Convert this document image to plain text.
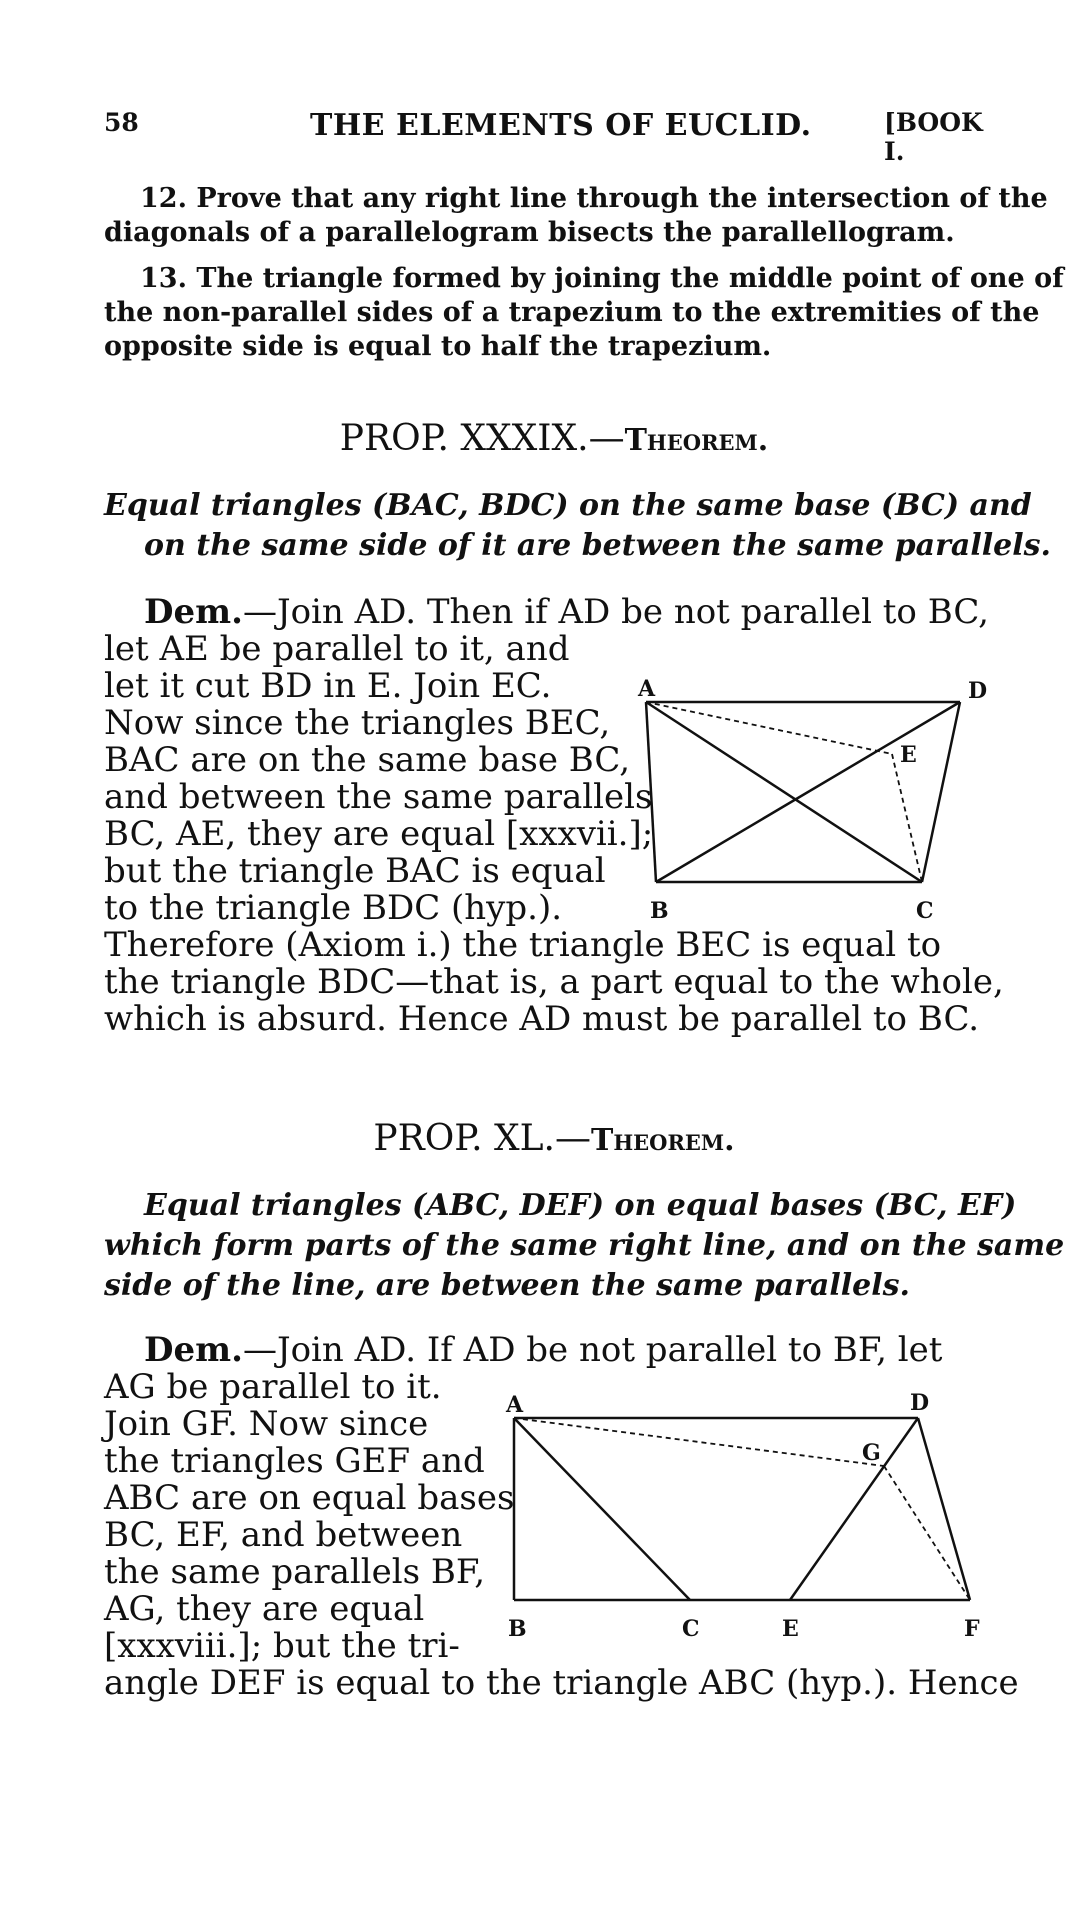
58	THE ELEMENTS OF EUCLID.	[BOOK I.
12. Prove that any right line through the intersection of the
diagonals of a parallelogram bisects the parallellogram.
13. The triangle formed by joining the middle point of one of
the non-parallel sides of a trapezium to the extremities of the
opposite side is equal to half the trapezium.
PROP. XXXIX.—Theorem.
Equal triangles (BAC, BDC) on the same base (BC) and
on the same side of it are between the same parallels.
Dem.—Join AD. Then if AD be not parallel to BC,
let AE be parallel to it, and
let it cut BD in E. Join EC.
Now since the triangles BEC,
BAC are on the same base BC,
and between the same parallels
BC, AE, they are equal [xxxvii.];
but the triangle BAC is equal
to the triangle BDC (hyp.).
Therefore (Axiom i.) the triangle BEC is equal to
the triangle BDC—that is, a part equal to the whole,
which is absurd. Hence AD must be parallel to BC.
A	D
E
B	C
PROP. XL.—Theorem.
Equal triangles (ABC, DEF) on equal bases (BC, EF)
which form parts of the same right line, and on the same
side of the line, are between the same parallels.
Dem.—Join AD. If AD be not parallel to BF, let
AG be parallel to it.
Join GF. Now since
the triangles GEF and
ABC are on equal bases
BC, EF, and between
the same parallels BF,
AG, they are equal
[xxxviii.]; but the tri-
angle DEF is equal to the triangle ABC (hyp.). Hence
A	D
G
B	C	E	F
